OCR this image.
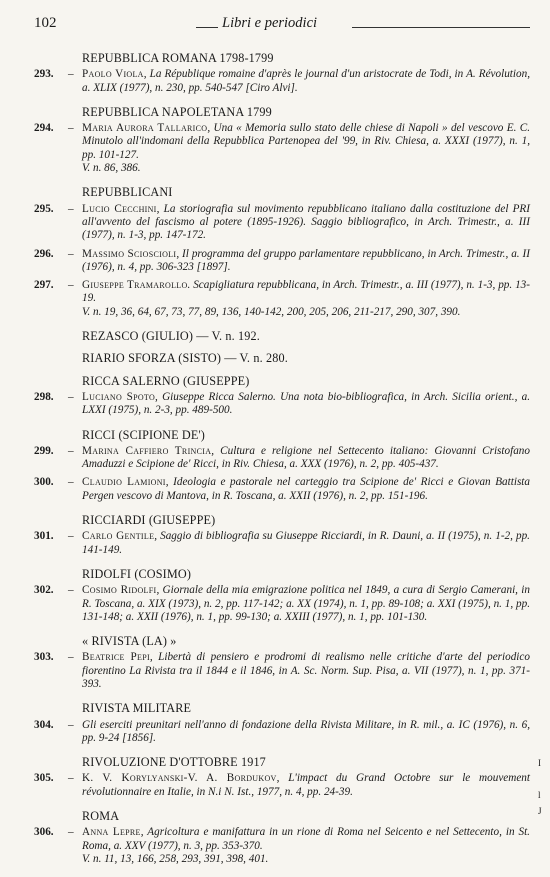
102	Libri e periodici
REPUBBLICA ROMANA 1798-1799
293. – Paolo Viola, La République romaine d'après le journal d'un aristocrate de Todi, in A. Révolution, a. XLIX (1977), n. 230, pp. 540-547 [Ciro Alvi].
REPUBBLICA NAPOLETANA 1799
294. – Maria Aurora Tallarico, Una « Memoria sullo stato delle chiese di Napoli » del vescovo E. C. Minutolo all'indomani della Repubblica Partenopea del '99, in Riv. Chiesa, a. XXXI (1977), n. 1, pp. 101-127.
V. n. 86, 386.
REPUBBLICANI
295. – Lucio Cecchini, La storiografia sul movimento repubblicano italiano dalla costituzione del PRI all'avvento del fascismo al potere (1895-1926). Saggio bibliografico, in Arch. Trimestr., a. III (1977), n. 1-3, pp. 147-172.
296. – Massimo Scioscioli, Il programma del gruppo parlamentare repubblicano, in Arch. Trimestr., a. II (1976), n. 4, pp. 306-323 [1897].
297. – Giuseppe Tramarollo. Scapigliatura repubblicana, in Arch. Trimestr., a. III (1977), n. 1-3, pp. 13-19.
V. n. 19, 36, 64, 67, 73, 77, 89, 136, 140-142, 200, 205, 206, 211-217, 290, 307, 390.
REZASCO (GIULIO) — V. n. 192.
RIARIO SFORZA (SISTO) — V. n. 280.
RICCA SALERNO (GIUSEPPE)
298. – Luciano Spoto, Giuseppe Ricca Salerno. Una nota bio-bibliografica, in Arch. Sicilia orient., a. LXXI (1975), n. 2-3, pp. 489-500.
RICCI (SCIPIONE DE')
299. – Marina Caffiero Trincia, Cultura e religione nel Settecento italiano: Giovanni Cristofano Amaduzzi e Scipione de' Ricci, in Riv. Chiesa, a. XXX (1976), n. 2, pp. 405-437.
300. – Claudio Lamioni, Ideologia e pastorale nel carteggio tra Scipione de' Ricci e Giovan Battista Pergen vescovo di Mantova, in R. Toscana, a. XXII (1976), n. 2, pp. 151-196.
RICCIARDI (GIUSEPPE)
301. – Carlo Gentile, Saggio di bibliografia su Giuseppe Ricciardi, in R. Dauni, a. II (1975), n. 1-2, pp. 141-149.
RIDOLFI (COSIMO)
302. – Cosimo Ridolfi, Giornale della mia emigrazione politica nel 1849, a cura di Sergio Camerani, in R. Toscana, a. XIX (1973), n. 2, pp. 117-142; a. XX (1974), n. 1, pp. 89-108; a. XXI (1975), n. 1, pp. 131-148; a. XXII (1976), n. 1, pp. 99-130; a. XXIII (1977), n. 1, pp. 101-130.
« RIVISTA (LA) »
303. – Beatrice Pepi, Libertà di pensiero e prodromi di realismo nelle critiche d'arte del periodico fiorentino La Rivista tra il 1844 e il 1846, in A. Sc. Norm. Sup. Pisa, a. VII (1977), n. 1, pp. 371-393.
RIVISTA MILITARE
304. – Gli eserciti preunitari nell'anno di fondazione della Rivista Militare, in R. mil., a. IC (1976), n. 6, pp. 9-24 [1856].
RIVOLUZIONE D'OTTOBRE 1917
305. – K. V. Koryly​anski-V. A. Bordukov, L'impact du Grand Octobre sur le mouvement révolutionnaire en Italie, in N.i N. Ist., 1977, n. 4, pp. 24-39.
ROMA
306. – Anna Lepre, Agricoltura e manifattura in un rione di Roma nel Seicento e nel Settecento, in St. Roma, a. XXV (1977), n. 3, pp. 353-370.
V. n. 11, 13, 166, 258, 293, 391, 398, 401.
I
l
J
